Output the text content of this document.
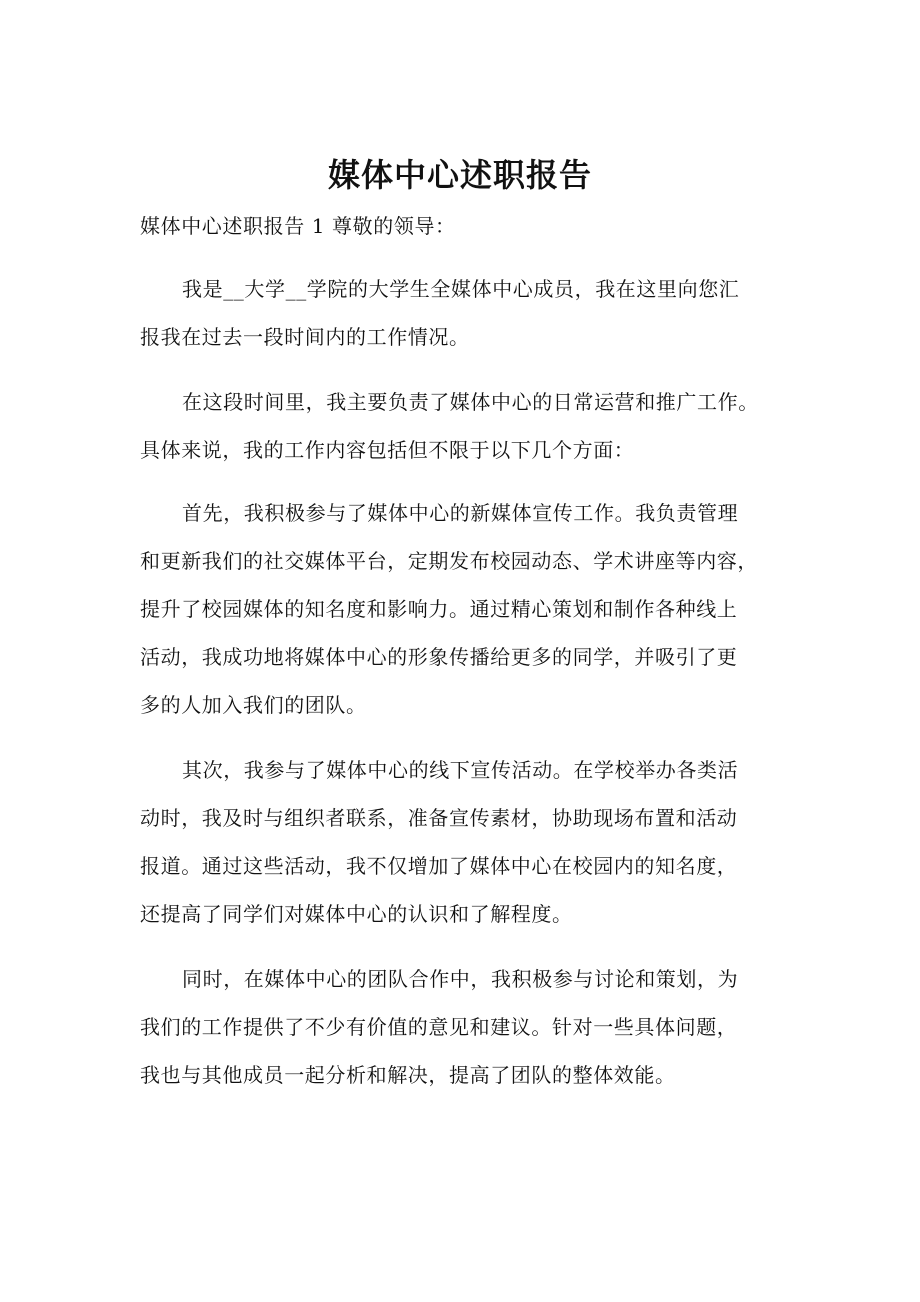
媒体中心述职报告
媒体中心述职报告 1 尊敬的领导：
我是__大学__学院的大学生全媒体中心成员，我在这里向您汇
报我在过去一段时间内的工作情况。
在这段时间里，我主要负责了媒体中心的日常运营和推广工作。
具体来说，我的工作内容包括但不限于以下几个方面：
首先，我积极参与了媒体中心的新媒体宣传工作。我负责管理
和更新我们的社交媒体平台，定期发布校园动态、学术讲座等内容，
提升了校园媒体的知名度和影响力。通过精心策划和制作各种线上
活动，我成功地将媒体中心的形象传播给更多的同学，并吸引了更
多的人加入我们的团队。
其次，我参与了媒体中心的线下宣传活动。在学校举办各类活
动时，我及时与组织者联系，准备宣传素材，协助现场布置和活动
报道。通过这些活动，我不仅增加了媒体中心在校园内的知名度，
还提高了同学们对媒体中心的认识和了解程度。
同时，在媒体中心的团队合作中，我积极参与讨论和策划，为
我们的工作提供了不少有价值的意见和建议。针对一些具体问题，
我也与其他成员一起分析和解决，提高了团队的整体效能。
